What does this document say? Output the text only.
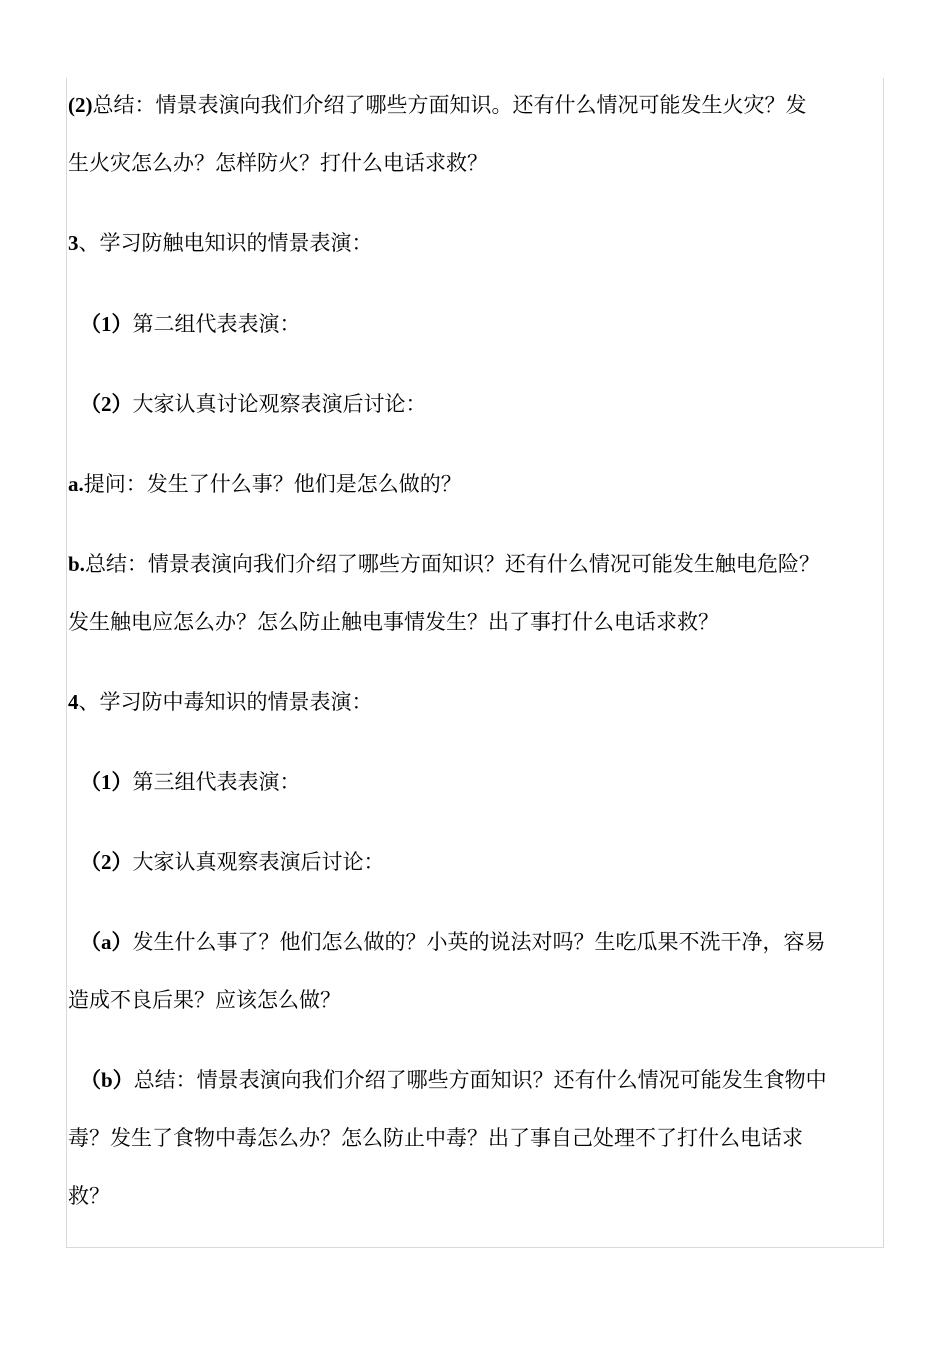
(2)总结：情景表演向我们介绍了哪些方面知识。还有什么情况可能发生火灾？发
生火灾怎么办？怎样防火？打什么电话求救？
3、学习防触电知识的情景表演：
（1）第二组代表表演：
（2）大家认真讨论观察表演后讨论：
a.提问：发生了什么事？他们是怎么做的？
b.总结：情景表演向我们介绍了哪些方面知识？还有什么情况可能发生触电危险？
发生触电应怎么办？怎么防止触电事情发生？出了事打什么电话求救？
4、学习防中毒知识的情景表演：
（1）第三组代表表演：
（2）大家认真观察表演后讨论：
（a）发生什么事了？他们怎么做的？小英的说法对吗？生吃瓜果不洗干净，容易
造成不良后果？应该怎么做？
（b）总结：情景表演向我们介绍了哪些方面知识？还有什么情况可能发生食物中
毒？发生了食物中毒怎么办？怎么防止中毒？出了事自己处理不了打什么电话求
救？
